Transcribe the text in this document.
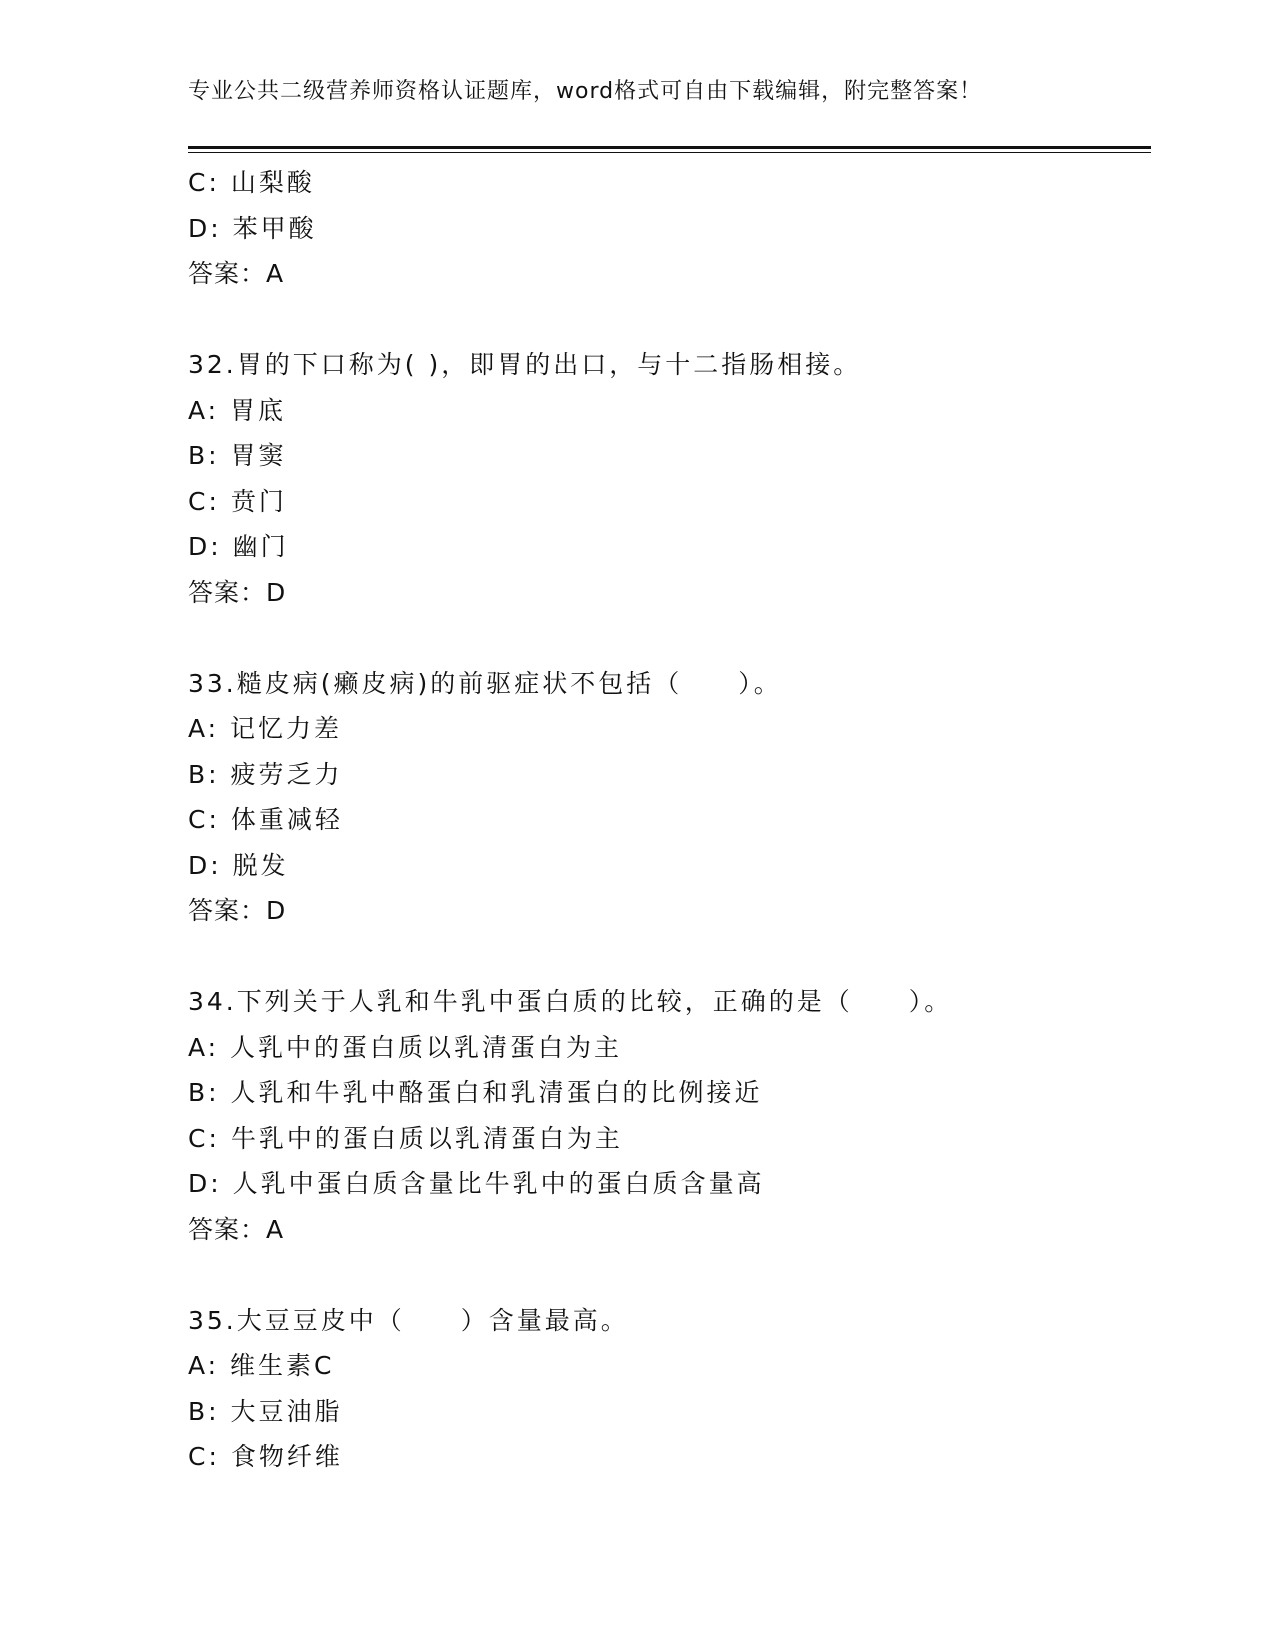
专业公共二级营养师资格认证题库，word格式可自由下载编辑，附完整答案！
C: 山梨酸
D: 苯甲酸
答案：A
32.胃的下口称为( )，即胃的出口，与十二指肠相接。
A: 胃底
B: 胃窦
C: 贲门
D: 幽门
答案：D
33.糙皮病(癞皮病)的前驱症状不包括（　　）。
A: 记忆力差
B: 疲劳乏力
C: 体重减轻
D: 脱发
答案：D
34.下列关于人乳和牛乳中蛋白质的比较，正确的是（　　）。
A: 人乳中的蛋白质以乳清蛋白为主
B: 人乳和牛乳中酪蛋白和乳清蛋白的比例接近
C: 牛乳中的蛋白质以乳清蛋白为主
D: 人乳中蛋白质含量比牛乳中的蛋白质含量高
答案：A
35.大豆豆皮中（　　）含量最高。
A: 维生素C
B: 大豆油脂
C: 食物纤维
